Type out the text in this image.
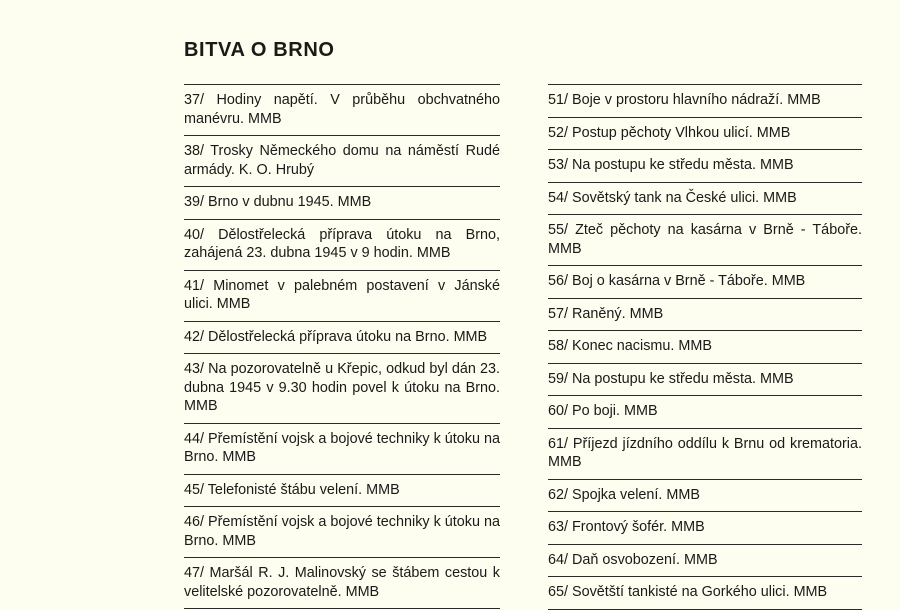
BITVA O BRNO
37/ Hodiny napětí. V průběhu obchvatného manévru. MMB
38/ Trosky Německého domu na náměstí Rudé armády. K. O. Hrubý
39/ Brno v dubnu 1945. MMB
40/ Dělostřelecká příprava útoku na Brno, zahájená 23. dubna 1945 v 9 hodin. MMB
41/ Minomet v palebném postavení v Jánské ulici. MMB
42/ Dělostřelecká příprava útoku na Brno. MMB
43/ Na pozorovatelně u Křepic, odkud byl dán 23. dubna 1945 v 9.30 hodin povel k útoku na Brno. MMB
44/ Přemístění vojsk a bojové techniky k útoku na Brno. MMB
45/ Telefonisté štábu velení. MMB
46/ Přemístění vojsk a bojové techniky k útoku na Brno. MMB
47/ Maršál R. J. Malinovský se štábem cestou k velitelské pozorovatelně. MMB
51/ Boje v prostoru hlavního nádraží. MMB
52/ Postup pěchoty Vlhkou ulicí. MMB
53/ Na postupu ke středu města. MMB
54/ Sovětský tank na České ulici. MMB
55/ Zteč pěchoty na kasárna v Brně - Táboře. MMB
56/ Boj o kasárna v Brně - Táboře. MMB
57/ Raněný. MMB
58/ Konec nacismu. MMB
59/ Na postupu ke středu města. MMB
60/ Po boji. MMB
61/ Příjezd jízdního oddílu k Brnu od krematoria. MMB
62/ Spojka velení. MMB
63/ Frontový šofér. MMB
64/ Daň osvobození. MMB
65/ Sovětští tankisté na Gorkého ulici. MMB
